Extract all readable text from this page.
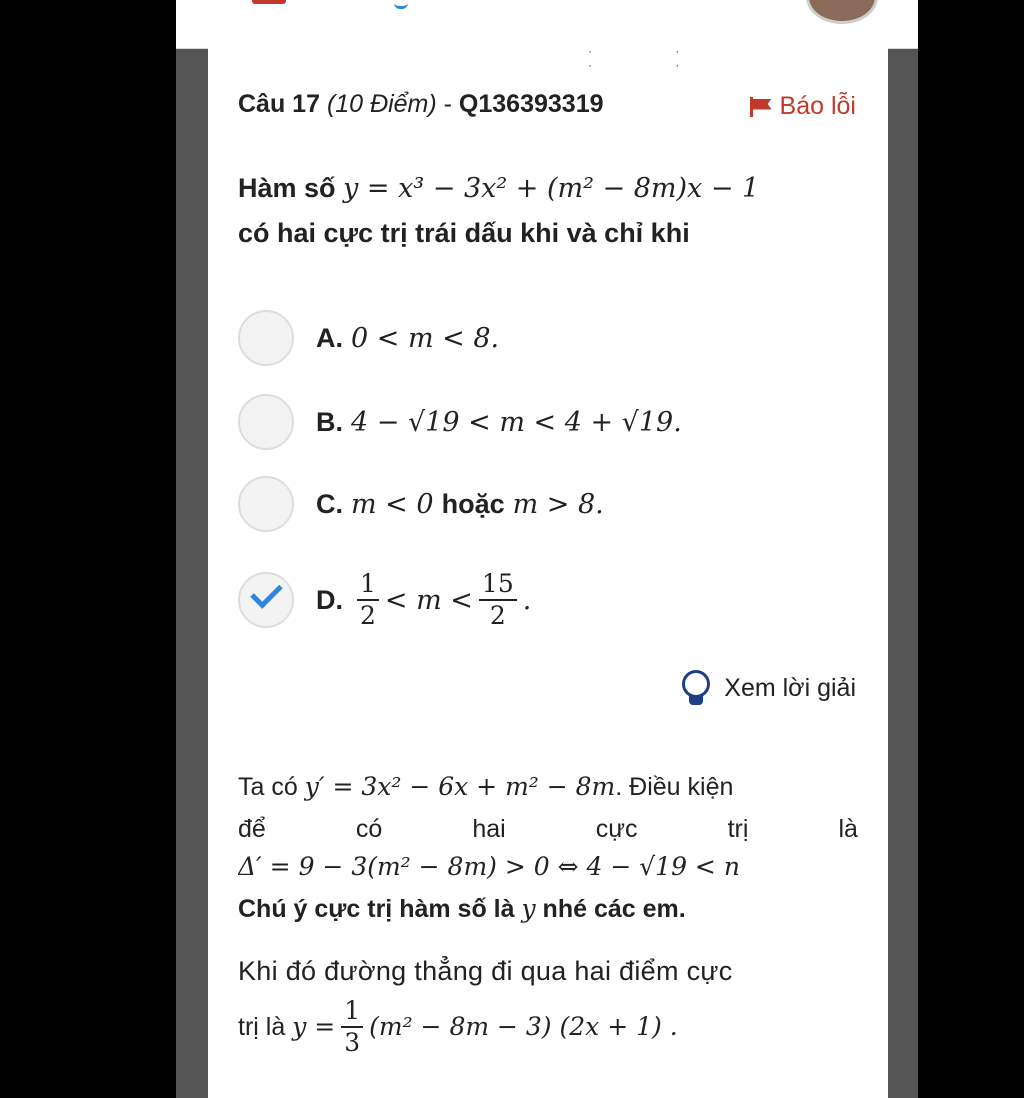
· · · ·
Câu 17 (10 Điểm) - Q136393319	Báo lỗi
Hàm số y = x³ − 3x² + (m² − 8m)x − 1
có hai cực trị trái dấu khi và chỉ khi
A. 0 < m < 8.
B. 4 − √19 < m < 4 + √19.
C. m < 0 hoặc m > 8.
D. $\frac{1}{2} < m < \frac{15}{2}$ .
Xem lời giải
Ta có y′ = 3x² − 6x + m² − 8m. Điều kiện
để	có	hai	cực	trị	là
Δ′ = 9 − 3(m² − 8m) > 0 ⇔ 4 − √19 < n
Chú ý cực trị hàm số là y nhé các em.
Khi đó đường thẳng đi qua hai điểm cực
trị là
$y = \frac{1}{3} (m^2 - 8m - 3) (2x + 1)$ .
